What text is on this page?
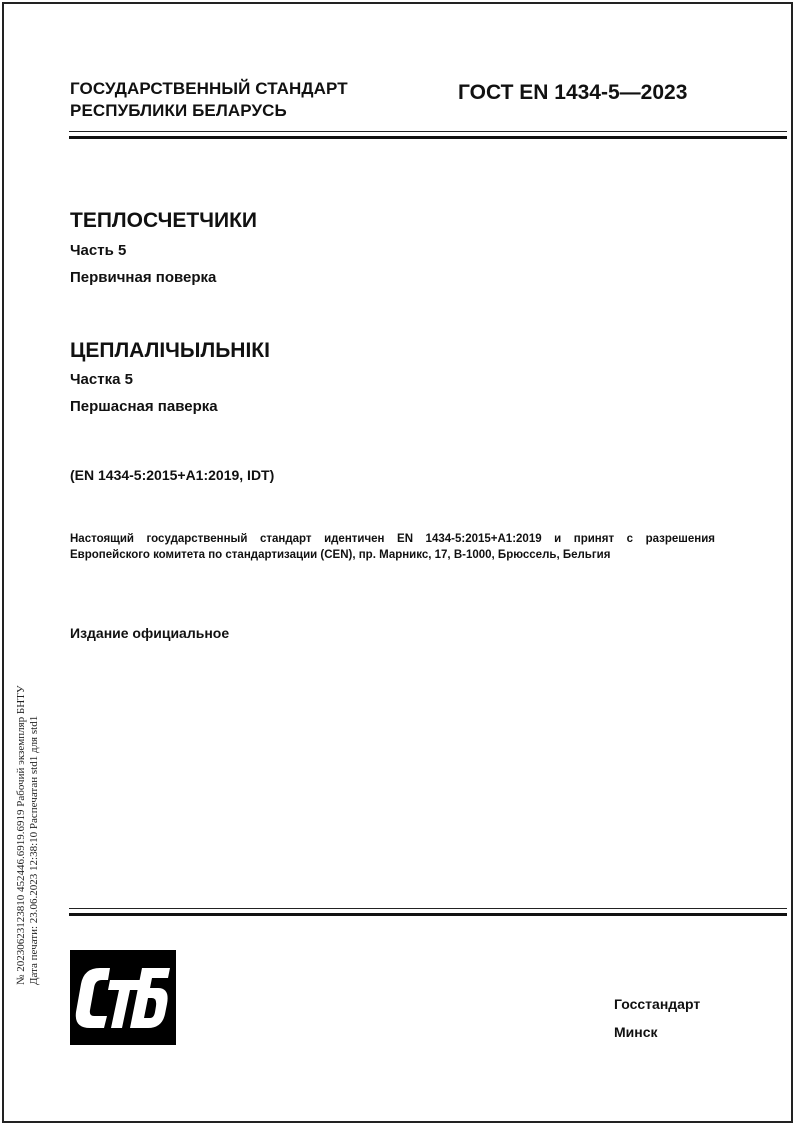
ГОСУДАРСТВЕННЫЙ СТАНДАРТ
РЕСПУБЛИКИ БЕЛАРУСЬ
ГОСТ EN 1434-5—2023
ТЕПЛОСЧЕТЧИКИ
Часть 5
Первичная поверка
ЦЕПЛАЛІЧЫЛЬНІКІ
Частка 5
Першасная паверка
(EN 1434-5:2015+A1:2019, IDT)
Настоящий государственный стандарт идентичен EN 1434-5:2015+A1:2019 и принят с разрешения
Европейского комитета по стандартизации (CEN), пр. Марникс, 17, B-1000, Брюссель, Бельгия
Издание официальное
№ 20230623123810 452446.6919.6919 Рабочий экземпляр БНТУ Дата печати: 23.06.2023 12:38:10 Распечатан std1 для std1
Госстандарт
Минск
